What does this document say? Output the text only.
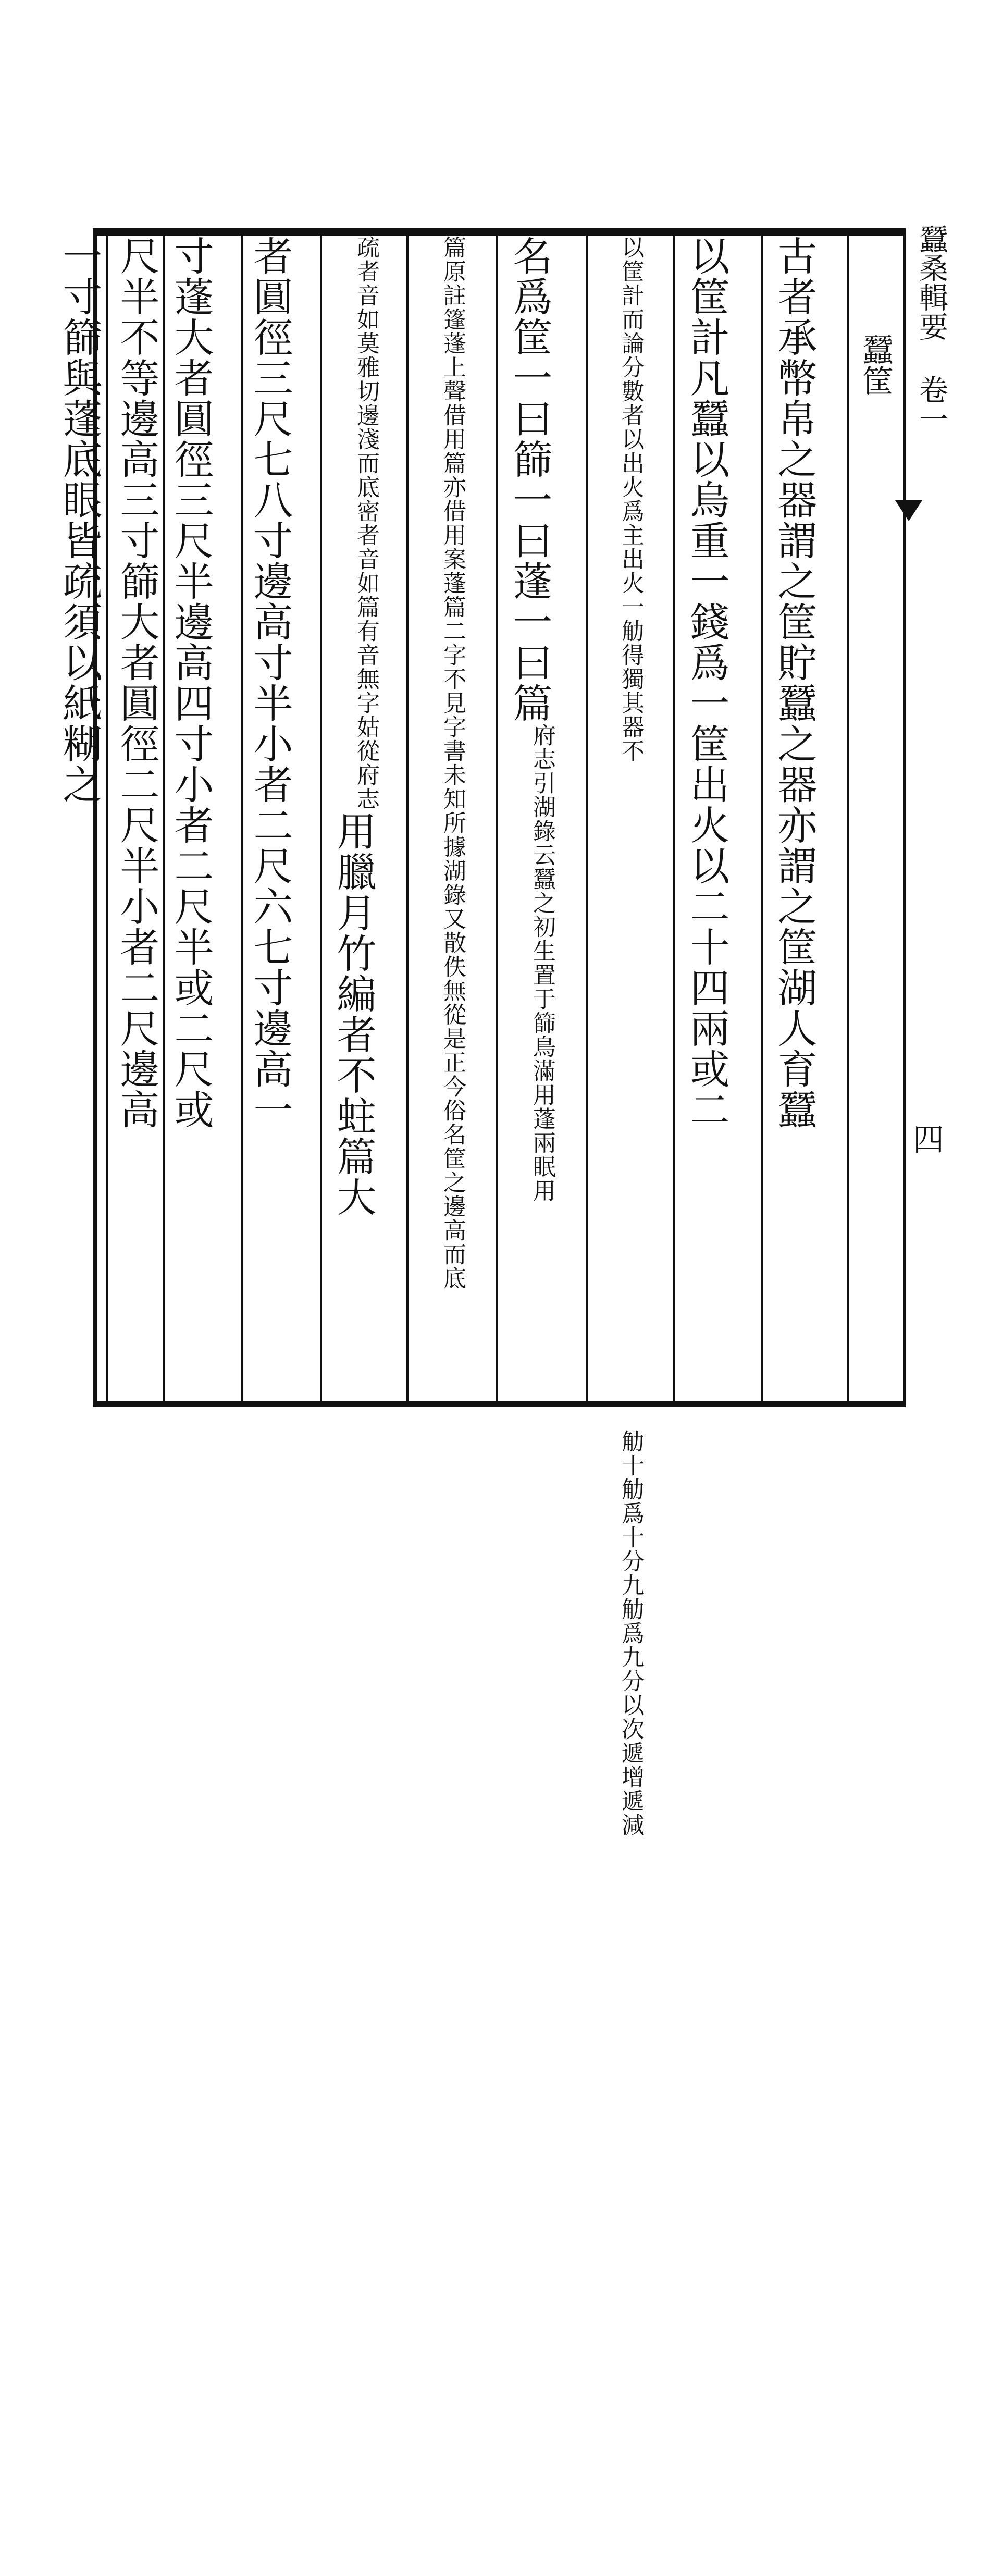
蠶桑輯要 卷一
四
蠶筐
古者承幣帛之器謂之筐貯蠶之器亦謂之筐湖人育蠶
以筐計凡蠶以烏重一錢爲一筐出火以二十四兩或二
以筐計而論分數者以出火爲主出火一觔得獨其器不 觔十觔爲十分九觔爲九分以次遞增遞減
名爲筐一曰篩一曰蓬一曰篇府志引湖錄云蠶之初生置于篩鳥滿用蓬兩眠用
篇原註篷蓬上聲借用篇亦借用案蓬篇二字不見字書未知所據湖錄又散佚無從是正今俗名筐之邊高而底
疏者音如莫雅切邊淺而底密者音如篇有音無字姑從府志用臘月竹編者不蛀篇大
者圓徑三尺七八寸邊高寸半小者二尺六七寸邊高一
寸蓬大者圓徑三尺半邊高四寸小者二尺半或二尺或
尺半不等邊高三寸篩大者圓徑二尺半小者二尺邊高
一寸篩與蓬底眼皆疏須以紙糊之
